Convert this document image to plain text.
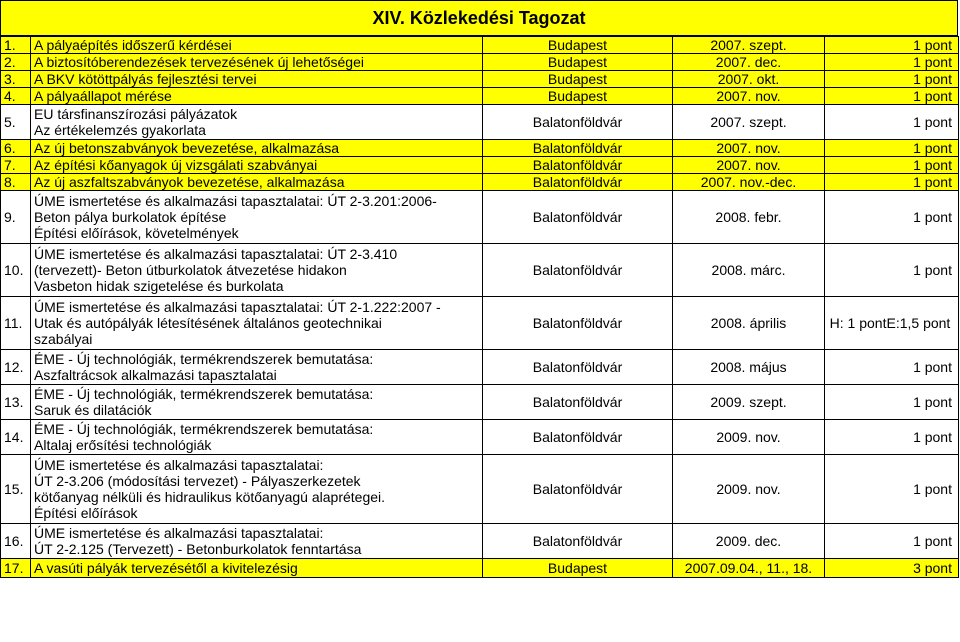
XIV. Közlekedési Tagozat
1.	A pályaépítés időszerű kérdései	Budapest	2007. szept.	1 pont
2.	A biztosítóberendezések tervezésének új lehetőségei	Budapest	2007. dec.	1 pont
3.	A BKV kötöttpályás fejlesztési tervei	Budapest	2007. okt.	1 pont
4.	A pályaállapot mérése	Budapest	2007. nov.	1 pont
5.	EU társfinanszírozási pályázatok
Az értékelemzés gyakorlata	Balatonföldvár	2007. szept.	1 pont
6.	Az új betonszabványok bevezetése, alkalmazása	Balatonföldvár	2007. nov.	1 pont
7.	Az építési kőanyagok új vizsgálati szabványai	Balatonföldvár	2007. nov.	1 pont
8.	Az új aszfaltszabványok bevezetése, alkalmazása	Balatonföldvár	2007. nov.-dec.	1 pont
9.	ÚME ismertetése és alkalmazási tapasztalatai: ÚT 2-3.201:2006-
Beton pálya burkolatok építése
Építési előírások, követelmények	Balatonföldvár	2008. febr.	1 pont
10.	ÚME ismertetése és alkalmazási tapasztalatai: ÚT 2-3.410
(tervezett)- Beton útburkolatok átvezetése hidakon
Vasbeton hidak szigetelése és burkolata	Balatonföldvár	2008. márc.	1 pont
11.	ÚME ismertetése és alkalmazási tapasztalatai: ÚT 2-1.222:2007 -
Utak és autópályák létesítésének általános geotechnikai
szabályai	Balatonföldvár	2008. április	H: 1 pontE:1,5 pont
12.	ÉME - Új technológiák, termékrendszerek bemutatása:
Aszfaltrácsok alkalmazási tapasztalatai	Balatonföldvár	2008. május	1 pont
13.	ÉME - Új technológiák, termékrendszerek bemutatása:
Saruk és dilatációk	Balatonföldvár	2009. szept.	1 pont
14.	ÉME - Új technológiák, termékrendszerek bemutatása:
Altalaj erősítési technológiák	Balatonföldvár	2009. nov.	1 pont
15.	ÚME ismertetése és alkalmazási tapasztalatai:
ÚT 2-3.206 (módosítási tervezet) - Pályaszerkezetek
kötőanyag nélküli és hidraulikus kötőanyagú alaprétegei.
Építési előírások	Balatonföldvár	2009. nov.	1 pont
16.	ÚME ismertetése és alkalmazási tapasztalatai:
ÚT 2-2.125 (Tervezett) - Betonburkolatok fenntartása	Balatonföldvár	2009. dec.	1 pont
17.	A vasúti pályák tervezésétől a kivitelezésig	Budapest	2007.09.04., 11., 18.	3 pont
